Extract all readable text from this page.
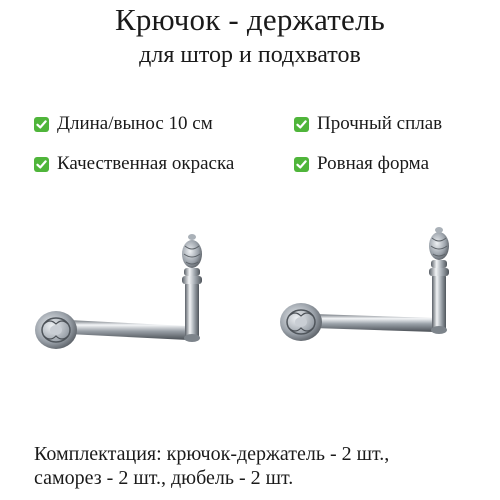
Крючок - держатель
для штор и подхватов
Длина/вынос 10 см	Прочный сплав
Качественная окраска	Ровная форма
Комплектация: крючок-держатель - 2 шт.,
саморез - 2 шт., дюбель - 2 шт.
